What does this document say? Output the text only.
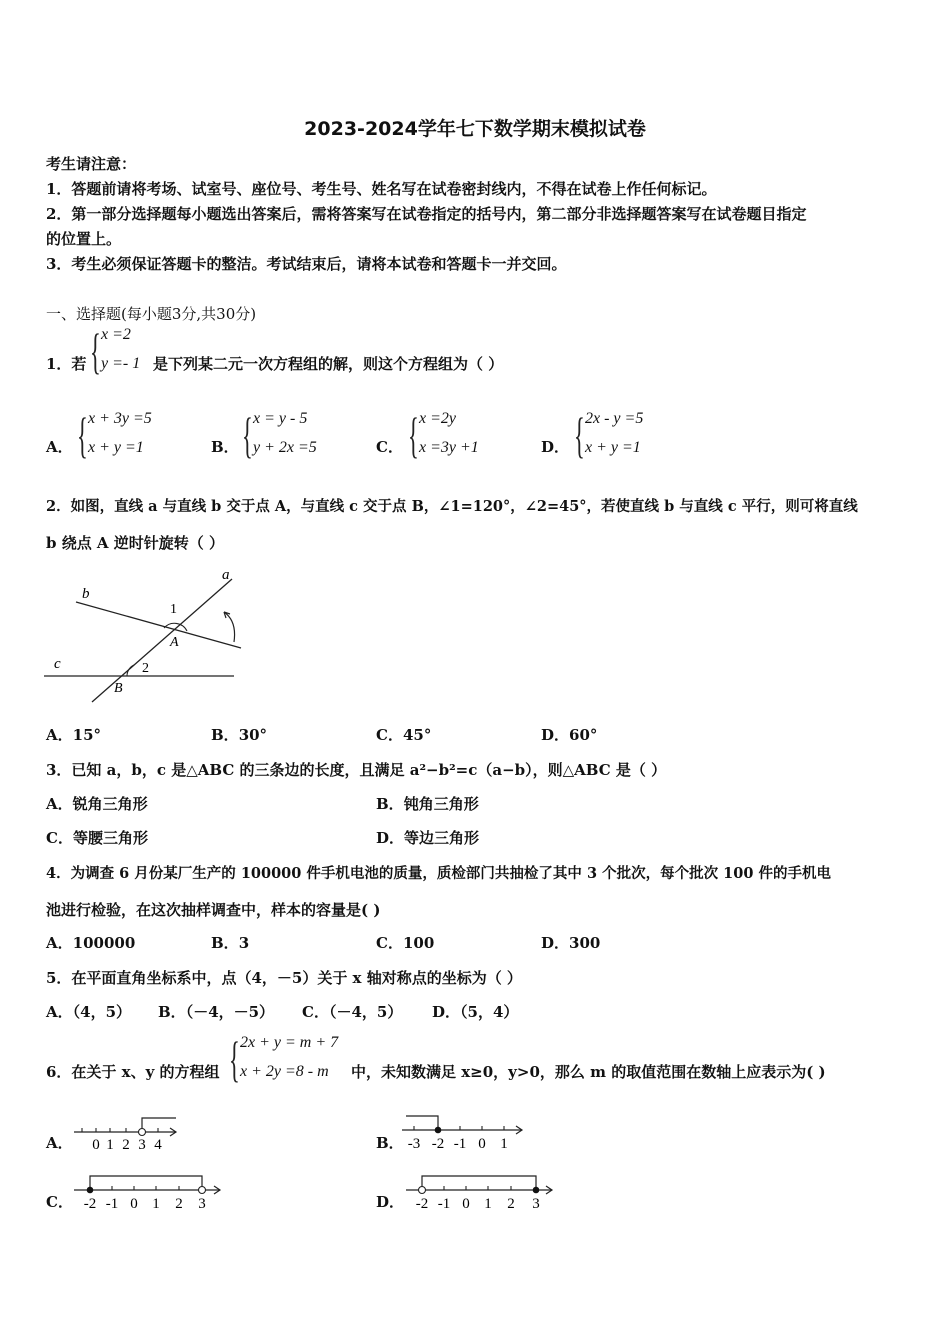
2023-2024学年七下数学期末模拟试卷
考生请注意：
1．答题前请将考场、试室号、座位号、考生号、姓名写在试卷密封线内，不得在试卷上作任何标记。
2．第一部分选择题每小题选出答案后，需将答案写在试卷指定的括号内，第二部分非选择题答案写在试卷题目指定
的位置上。
3．考生必须保证答题卡的整洁。考试结束后，请将本试卷和答题卡一并交回。
一、选择题(每小题3分,共30分)
1．若 { x =2
y =- 1 是下列某二元一次方程组的解，则这个方程组为（ ）
A． { x + 3y =5
x + y =1	B． { x = y - 5
y + 2x =5	C． { x =2y
x =3y +1	D． { 2x - y =5
x + y =1
2．如图，直线 a 与直线 b 交于点 A，与直线 c 交于点 B，∠1=120°，∠2=45°，若使直线 b 与直线 c 平行，则可将直线
b 绕点 A 逆时针旋转（ ）
a
b
c
A
B
1
2
A．15°	B．30°	C．45°	D．60°
3．已知 a，b，c 是△ABC 的三条边的长度，且满足 a²−b²=c（a−b），则△ABC 是（ ）
A．锐角三角形	B．钝角三角形
C．等腰三角形	D．等边三角形
4．为调查 6 月份某厂生产的 100000 件手机电池的质量，质检部门共抽检了其中 3 个批次，每个批次 100 件的手机电
池进行检验，在这次抽样调查中，样本的容量是( )
A．100000	B．3	C．100	D．300
5．在平面直角坐标系中，点（4，－5）关于 x 轴对称点的坐标为（ ）
A．（4，5） B．（－4，－5） C．（－4，5） D．（5，4）
6．在关于 x、y 的方程组 { 2x + y = m + 7
x + 2y =8 - m 中，未知数满足 x≥0，y>0，那么 m 的取值范围在数轴上应表示为( )
A． 0 1 2 3 4	B． -3 -2 -1 0 1
C． -2 -1 0 1 2 3	D． -2 -1 0 1 2 3
